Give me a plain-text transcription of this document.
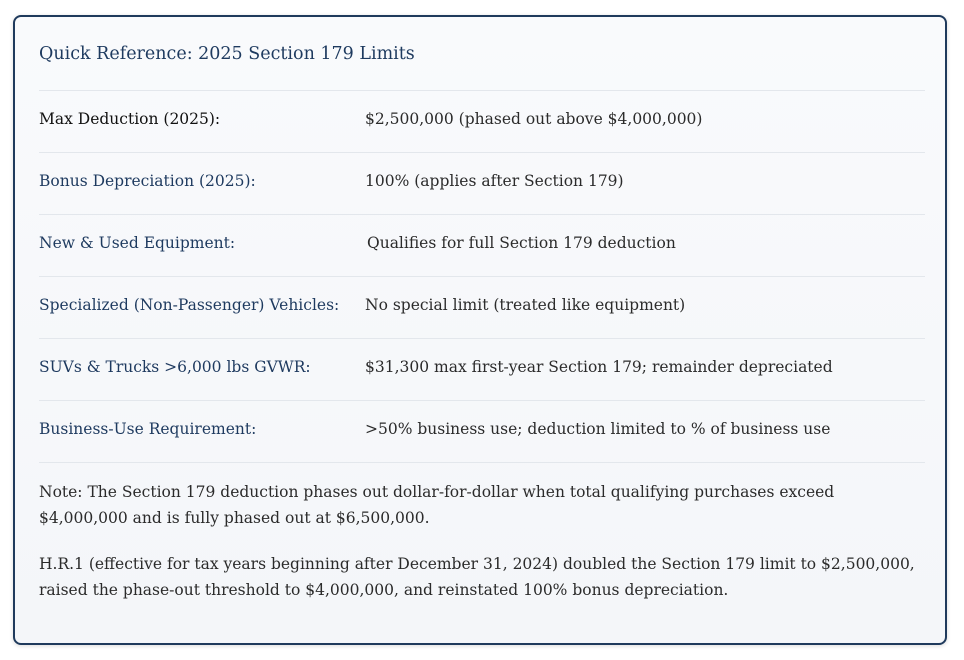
Quick Reference: 2025 Section 179 Limits
Max Deduction (2025):	$2,500,000 (phased out above $4,000,000)
Bonus Depreciation (2025):	100% (applies after Section 179)
New & Used Equipment:	Qualifies for full Section 179 deduction
Specialized (Non-Passenger) Vehicles: No special limit (treated like equipment)
SUVs & Trucks >6,000 lbs GVWR:	$31,300 max first-year Section 179; remainder depreciated
Business-Use Requirement:	>50% business use; deduction limited to % of business use

Note: The Section 179 deduction phases out dollar-for-dollar when total qualifying purchases exceed $4,000,000 and is fully phased out at $6,500,000.

H.R.1 (effective for tax years beginning after December 31, 2024) doubled the Section 179 limit to $2,500,000, raised the phase-out threshold to $4,000,000, and reinstated 100% bonus depreciation.
